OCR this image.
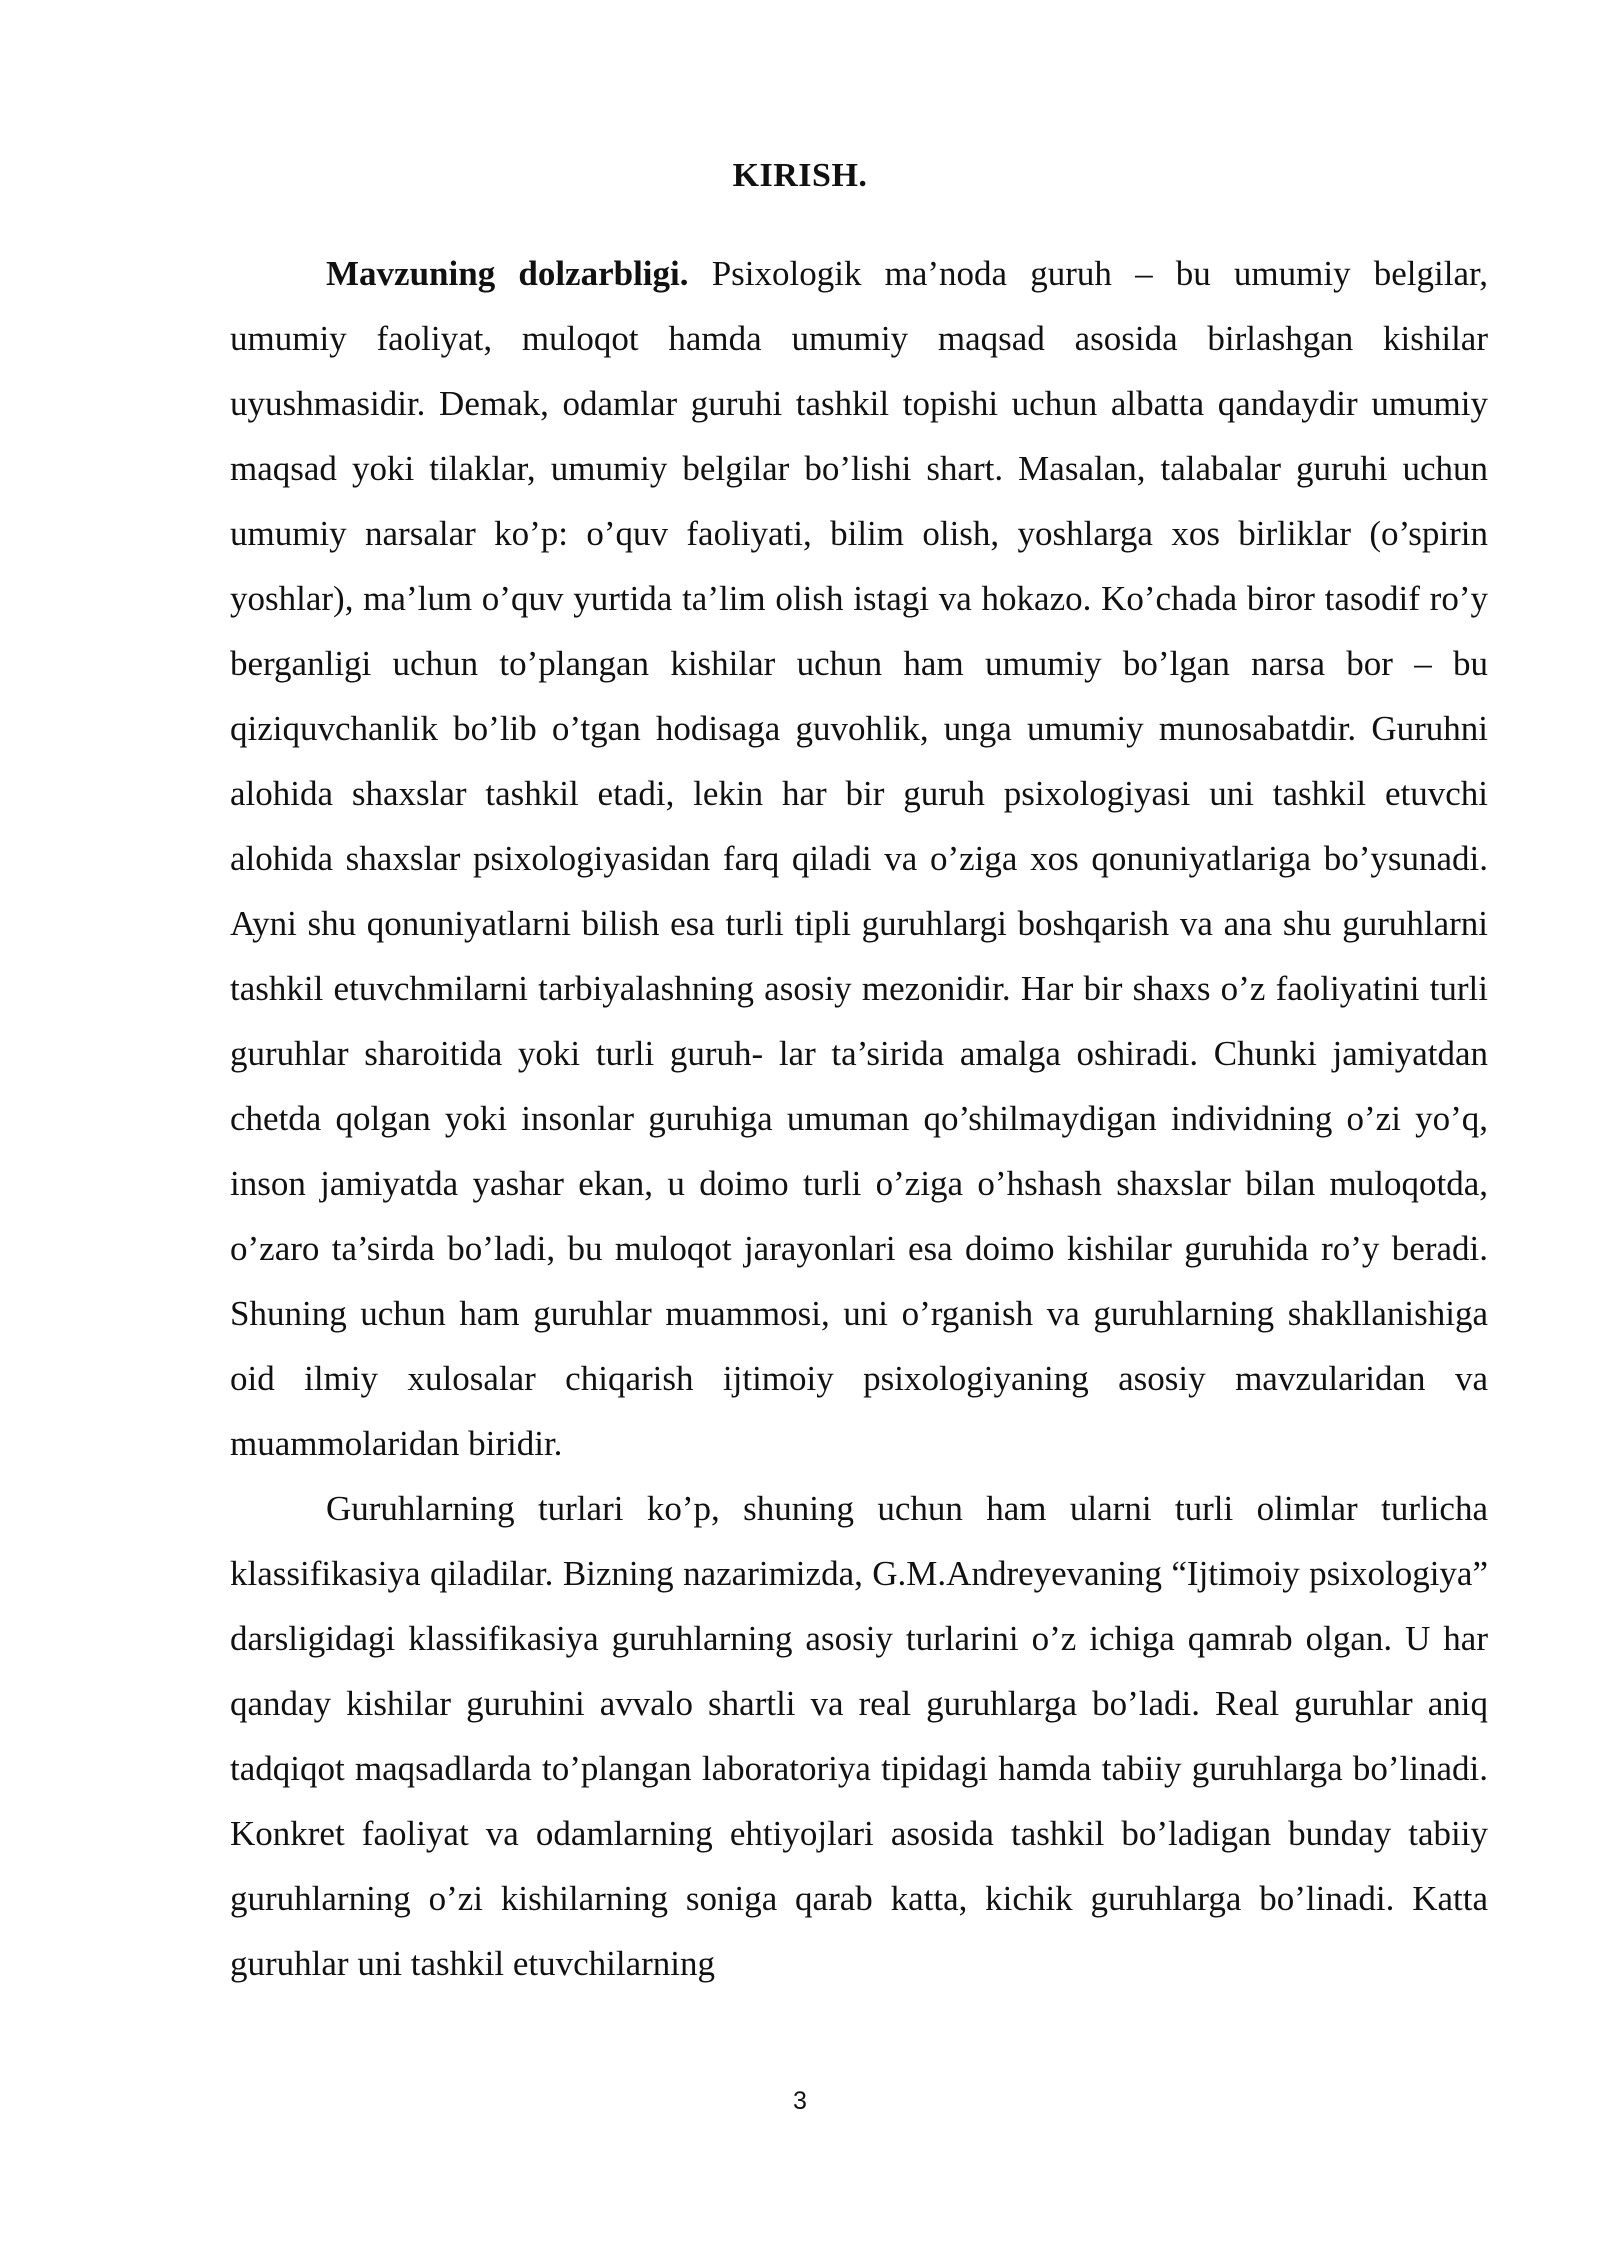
KIRISH.

Mavzuning dolzarbligi. Psixologik ma’noda guruh – bu umumiy belgilar, umumiy faoliyat, muloqot hamda umumiy maqsad asosida birlashgan kishilar uyushmasidir. Demak, odamlar guruhi tashkil topishi uchun albatta qandaydir umumiy maqsad yoki tilaklar, umumiy belgilar bo’lishi shart. Masalan, talabalar guruhi uchun umumiy narsalar ko’p: o’quv faoliyati, bilim olish, yoshlarga xos birliklar (o’spirin yoshlar), ma’lum o’quv yurtida ta’lim olish istagi va hokazo. Ko’chada biror tasodif ro’y berganligi uchun to’plangan kishilar uchun ham umumiy bo’lgan narsa bor – bu qiziquvchanlik bo’lib o’tgan hodisaga guvohlik, unga umumiy munosabatdir. Guruhni alohida shaxslar tashkil etadi, lekin har bir guruh psixologiyasi uni tashkil etuvchi alohida shaxslar psixologiyasidan farq qiladi va o’ziga xos qonuniyatlariga bo’ysunadi. Ayni shu qonuniyatlarni bilish esa turli tipli guruhlargi boshqarish va ana shu guruhlarni tashkil etuvchmilarni tarbiyalashning asosiy mezonidir. Har bir shaxs o’z faoliyatini turli guruhlar sharoitida yoki turli guruh- lar ta’sirida amalga oshiradi. Chunki jamiyatdan chetda qolgan yoki insonlar guruhiga umuman qo’shilmaydigan individning o’zi yo’q, inson jamiyatda yashar ekan, u doimo turli o’ziga o’hshash shaxslar bilan muloqotda, o’zaro ta’sirda bo’ladi, bu muloqot jarayonlari esa doimo kishilar guruhida ro’y beradi. Shuning uchun ham guruhlar muammosi, uni o’rganish va guruhlarning shakllanishiga oid ilmiy xulosalar chiqarish ijtimoiy psixologiyaning asosiy mavzularidan va muammolaridan biridir.

Guruhlarning turlari ko’p, shuning uchun ham ularni turli olimlar turlicha klassifikasiya qiladilar. Bizning nazarimizda, G.M.Andreyevaning “Ijtimoiy psixologiya” darsligidagi klassifikasiya guruhlarning asosiy turlarini o’z ichiga qamrab olgan. U har qanday kishilar guruhini avvalo shartli va real guruhlarga bo’ladi. Real guruhlar aniq tadqiqot maqsadlarda to’plangan laboratoriya tipidagi hamda tabiiy guruhlarga bo’linadi. Konkret faoliyat va odamlarning ehtiyojlari asosida tashkil bo’ladigan bunday tabiiy guruhlarning o’zi kishilarning soniga qarab katta, kichik guruhlarga bo’linadi. Katta guruhlar uni tashkil etuvchilarning

3
